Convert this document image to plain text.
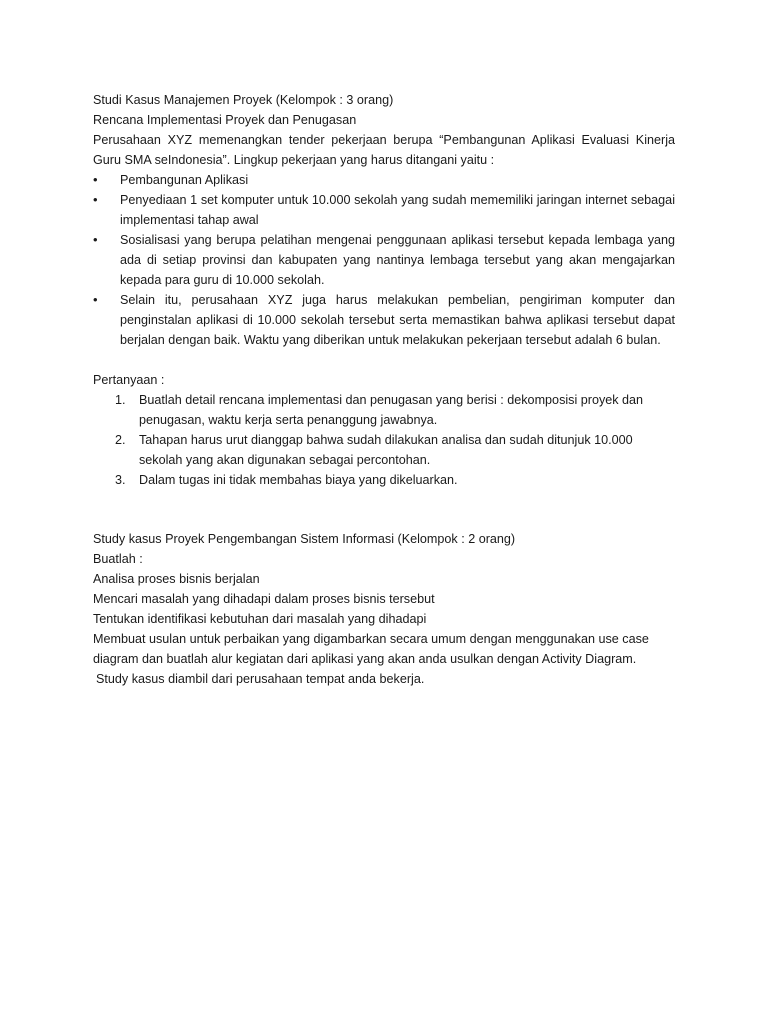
Studi Kasus Manajemen Proyek (Kelompok : 3 orang)

Rencana Implementasi Proyek dan Penugasan

Perusahaan XYZ memenangkan tender pekerjaan berupa “Pembangunan Aplikasi Evaluasi Kinerja Guru SMA seIndonesia”. Lingkup pekerjaan yang harus ditangani yaitu :

• Pembangunan Aplikasi
• Penyediaan 1 set komputer untuk 10.000 sekolah yang sudah mememiliki jaringan internet sebagai implementasi tahap awal
• Sosialisasi yang berupa pelatihan mengenai penggunaan aplikasi tersebut kepada lembaga yang ada di setiap provinsi dan kabupaten yang nantinya lembaga tersebut yang akan mengajarkan kepada para guru di 10.000 sekolah.
• Selain itu, perusahaan XYZ juga harus melakukan pembelian, pengiriman komputer dan penginstalan aplikasi di 10.000 sekolah tersebut serta memastikan bahwa aplikasi tersebut dapat berjalan dengan baik. Waktu yang diberikan untuk melakukan pekerjaan tersebut adalah 6 bulan.

Pertanyaan :

1. Buatlah detail rencana implementasi dan penugasan yang berisi : dekomposisi proyek dan penugasan, waktu kerja serta penanggung jawabnya.
2. Tahapan harus urut dianggap bahwa sudah dilakukan analisa dan sudah ditunjuk 10.000 sekolah yang akan digunakan sebagai percontohan.
3. Dalam tugas ini tidak membahas biaya yang dikeluarkan.

Study kasus Proyek Pengembangan Sistem Informasi (Kelompok : 2 orang)

Buatlah :

Analisa proses bisnis berjalan

Mencari masalah yang dihadapi dalam proses bisnis tersebut

Tentukan identifikasi kebutuhan dari masalah yang dihadapi

Membuat usulan untuk perbaikan yang digambarkan secara umum dengan menggunakan use case diagram dan buatlah alur kegiatan dari aplikasi yang akan anda usulkan dengan Activity Diagram.

Study kasus diambil dari perusahaan tempat anda bekerja.
